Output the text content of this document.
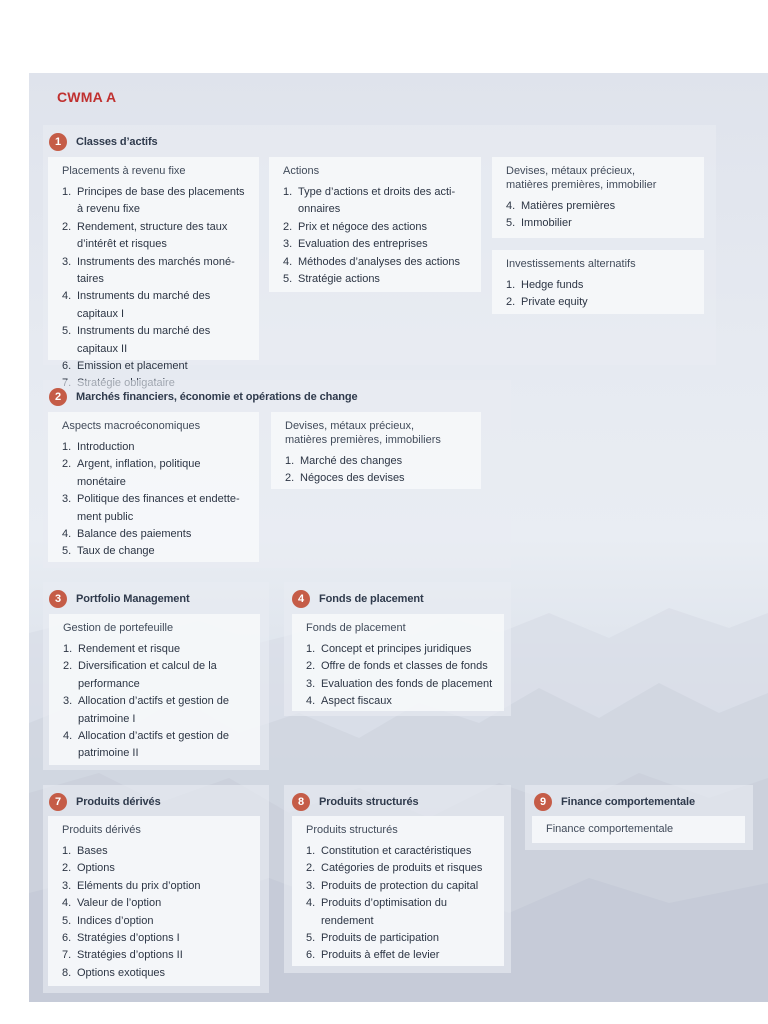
CWMA A
1	Classes d’actifs
Placements à revenu fixe
1. Principes de base des placements à revenu fixe
2. Rendement, structure des taux d’intérêt et risques
3. Instruments des marchés moné-taires
4. Instruments du marché des capitaux I
5. Instruments du marché des capitaux II
6. Emission et placement
Actions
1. Type d’actions et droits des acti-onnaires
2. Prix et négoce des actions
3. Evaluation des entreprises
4. Méthodes d’analyses des actions
5. Stratégie actions
Devises, métaux précieux,
matières premières, immobilier
4. Matières premières
5. Immobilier
Investissements alternatifs
1. Hedge funds
2. Private equity
2	Marchés financiers, économie et opérations de change
Aspects macroéconomiques
1. Introduction
2. Argent, inflation, politique monétaire
3. Politique des finances et endette-ment public
4. Balance des paiements
5. Taux de change
Devises, métaux précieux,
matières premières, immobiliers
1. Marché des changes
2. Négoces des devises
3	Portfolio Management
Gestion de portefeuille
1. Rendement et risque
2. Diversification et calcul de la performance
3. Allocation d’actifs et gestion de patrimoine I
4. Allocation d’actifs et gestion de patrimoine II
4	Fonds de placement
Fonds de placement
1. Concept et principes juridiques
2. Offre de fonds et classes de fonds
3. Evaluation des fonds de placement
4. Aspect fiscaux
7	Produits dérivés
Produits dérivés
1. Bases
2. Options
3. Eléments du prix d’option
4. Valeur de l’option
5. Indices d’option
6. Stratégies d’options I
7. Stratégies d’options II
8. Options exotiques
8	Produits structurés
Produits structurés
1. Constitution et caractéristiques
2. Catégories de produits et risques
3. Produits de protection du capital
4. Produits d’optimisation du rendement
5. Produits de participation
6. Produits à effet de levier
9	Finance comportementale
Finance comportementale
